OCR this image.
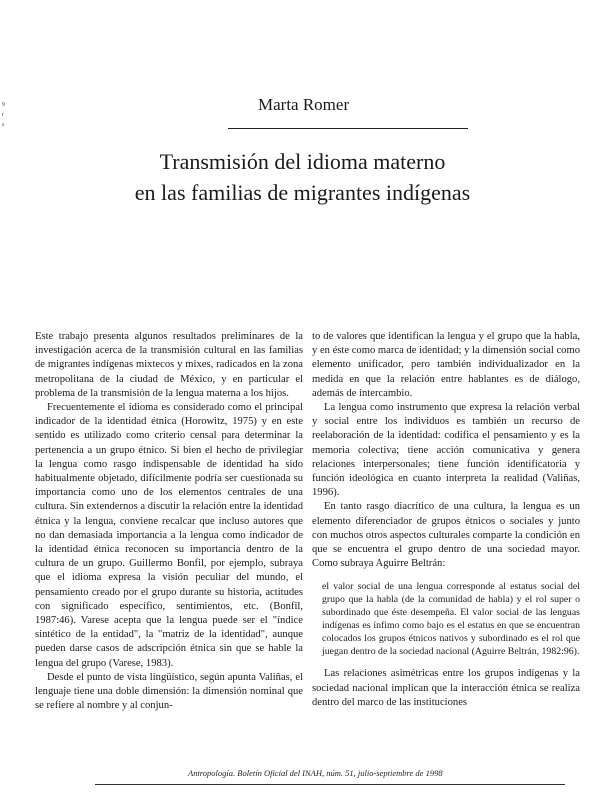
9
r
s
Marta Romer
Transmisión del idioma materno
en las familias de migrantes indígenas

Este trabajo presenta algunos resultados preliminares de la investigación acerca de la transmisión cultural en las familias de migrantes indígenas mixtecos y mixes, radicados en la zona metropolitana de la ciudad de México, y en particular el problema de la transmisión de la lengua materna a los hijos.

Frecuentemente el idioma es considerado como el principal indicador de la identidad étnica (Horowitz, 1975) y en este sentido es utilizado como criterio censal para determinar la pertenencia a un grupo étnico. Si bien el hecho de privilegiar la lengua como rasgo indispensable de identidad ha sido habitualmente objetado, difícilmente podría ser cuestionada su importancia como uno de los elementos centrales de una cultura. Sin extendernos a discutir la relación entre la identidad étnica y la lengua, conviene recalcar que incluso autores que no dan demasiada importancia a la lengua como indicador de la identidad étnica reconocen su importancia dentro de la cultura de un grupo. Guillermo Bonfil, por ejemplo, subraya que el idioma expresa la visión peculiar del mundo, el pensamiento creado por el grupo durante su historia, actitudes con significado específico, sentimientos, etc. (Bonfil, 1987:46). Varese acepta que la lengua puede ser el "índice sintético de la entidad", la "matriz de la identidad", aunque pueden darse casos de adscripción étnica sin que se hable la lengua del grupo (Varese, 1983).

Desde el punto de vista lingüístico, según apunta Valiñas, el lenguaje tiene una doble dimensión: la dimensión nominal que se refiere al nombre y al conjun-

to de valores que identifican la lengua y el grupo que la habla, y en éste como marca de identidad; y la dimensión social como elemento unificador, pero también individualizador en la medida en que la relación entre hablantes es de diálogo, además de intercambio.

La lengua como instrumento que expresa la relación verbal y social entre los individuos es también un recurso de reelaboración de la identidad: codifica el pensamiento y es la memoria colectiva; tiene acción comunicativa y genera relaciones interpersonales; tiene función identificatoria y función ideológica en cuanto interpreta la realidad (Valiñas, 1996).

En tanto rasgo diacrítico de una cultura, la lengua es un elemento diferenciador de grupos étnicos o sociales y junto con muchos otros aspectos culturales comparte la condición en que se encuentra el grupo dentro de una sociedad mayor. Como subraya Aguirre Beltrán:

el valor social de una lengua corresponde al estatus social del grupo que la habla (de la comunidad de habla) y el rol super o subordinado que éste desempeña. El valor social de las lenguas indígenas es ínfimo como bajo es el estatus en que se encuentran colocados los grupos étnicos nativos y subordinado es el rol que juegan dentro de la sociedad nacional (Aguirre Beltrán, 1982:96).

Las relaciones asimétricas entre los grupos indígenas y la sociedad nacional implican que la interacción étnica se realiza dentro del marco de las instituciones

Antropología. Boletín Oficial del INAH, núm. 51, julio-septiembre de 1998
